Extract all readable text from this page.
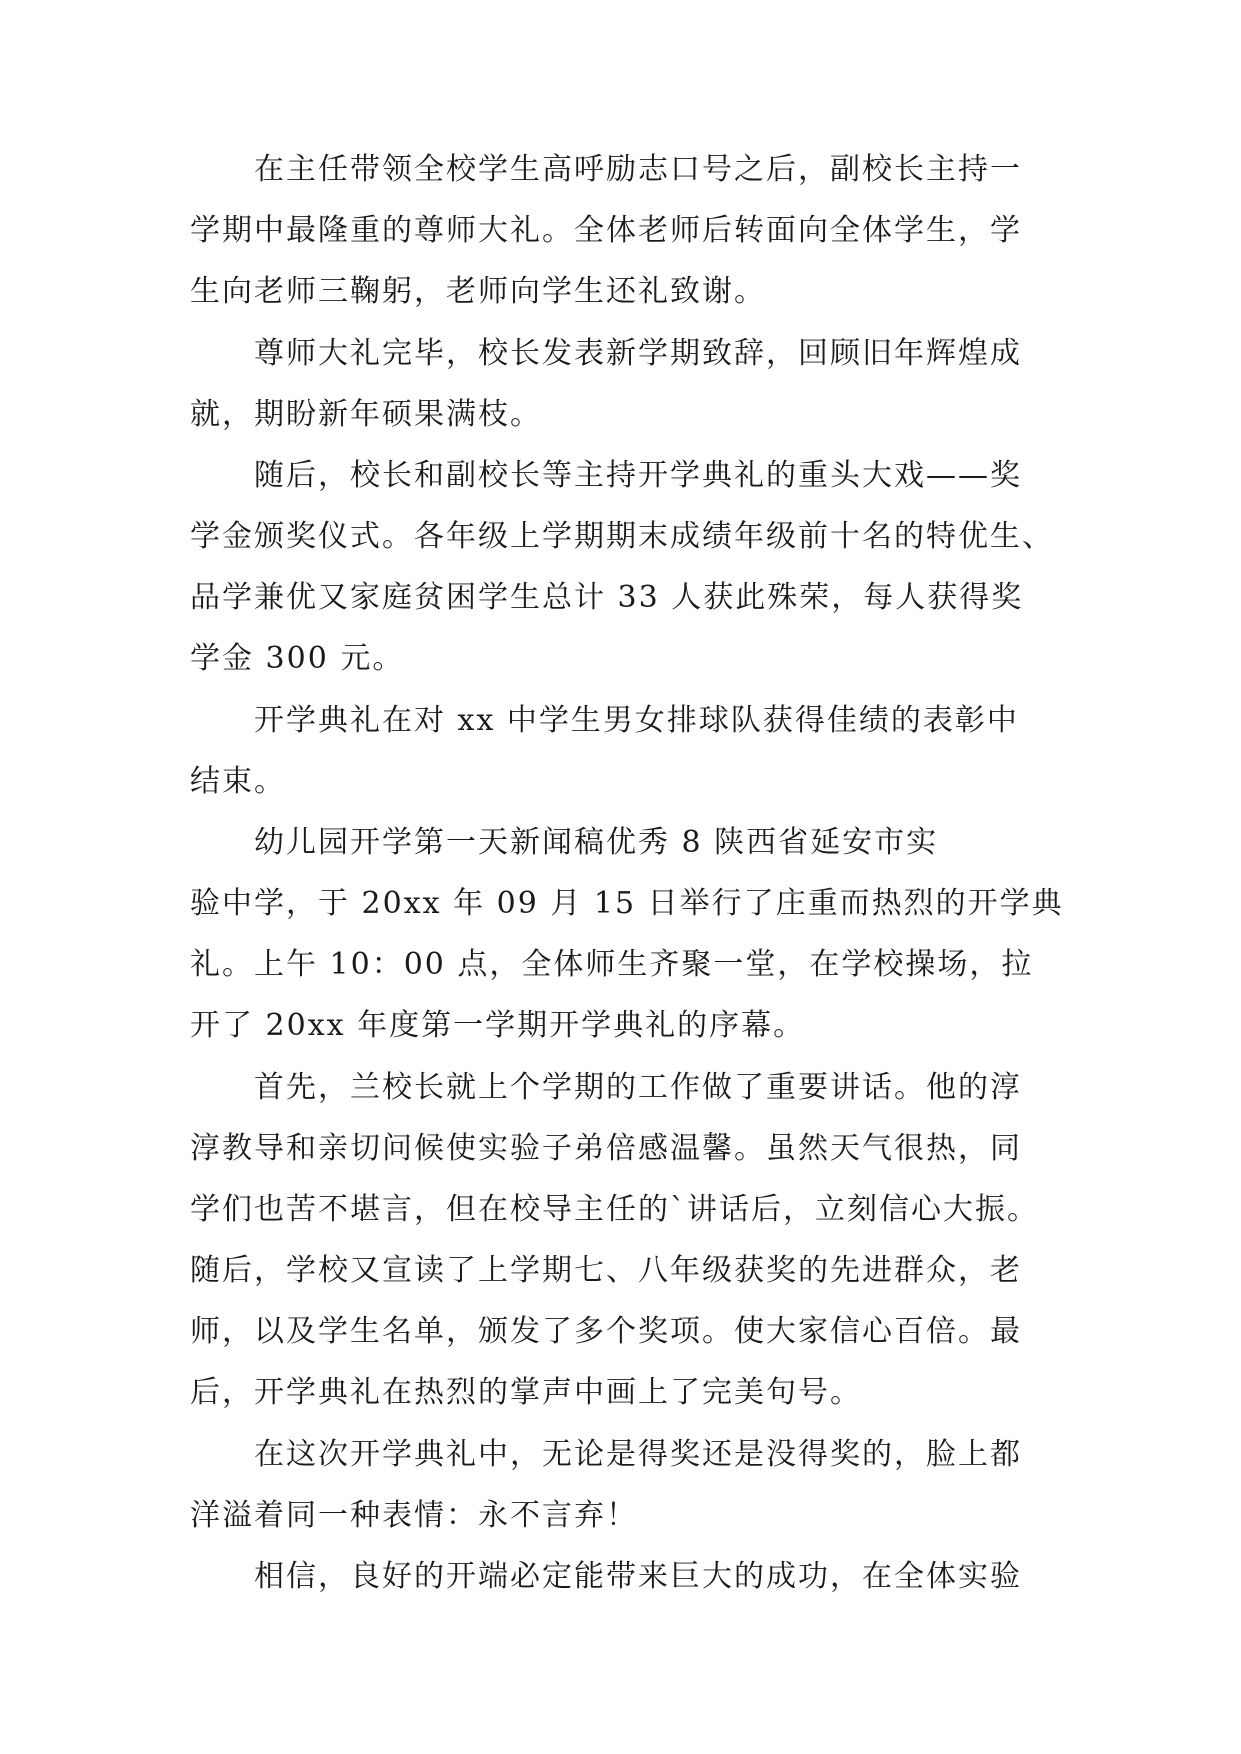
在主任带领全校学生高呼励志口号之后，副校长主持一
学期中最隆重的尊师大礼。全体老师后转面向全体学生，学
生向老师三鞠躬，老师向学生还礼致谢。
尊师大礼完毕，校长发表新学期致辞，回顾旧年辉煌成
就，期盼新年硕果满枝。
随后，校长和副校长等主持开学典礼的重头大戏——奖
学金颁奖仪式。各年级上学期期末成绩年级前十名的特优生、
品学兼优又家庭贫困学生总计 33 人获此殊荣，每人获得奖
学金 300 元。
开学典礼在对 xx 中学生男女排球队获得佳绩的表彰中
结束。
幼儿园开学第一天新闻稿优秀 8 陕西省延安市实
验中学，于 20xx 年 09 月 15 日举行了庄重而热烈的开学典
礼。上午 10：00 点，全体师生齐聚一堂，在学校操场，拉
开了 20xx 年度第一学期开学典礼的序幕。
首先，兰校长就上个学期的工作做了重要讲话。他的淳
淳教导和亲切问候使实验子弟倍感温馨。虽然天气很热，同
学们也苦不堪言，但在校导主任的`讲话后，立刻信心大振。
随后，学校又宣读了上学期七、八年级获奖的先进群众，老
师，以及学生名单，颁发了多个奖项。使大家信心百倍。最
后，开学典礼在热烈的掌声中画上了完美句号。
在这次开学典礼中，无论是得奖还是没得奖的，脸上都
洋溢着同一种表情：永不言弃！
相信，良好的开端必定能带来巨大的成功，在全体实验
